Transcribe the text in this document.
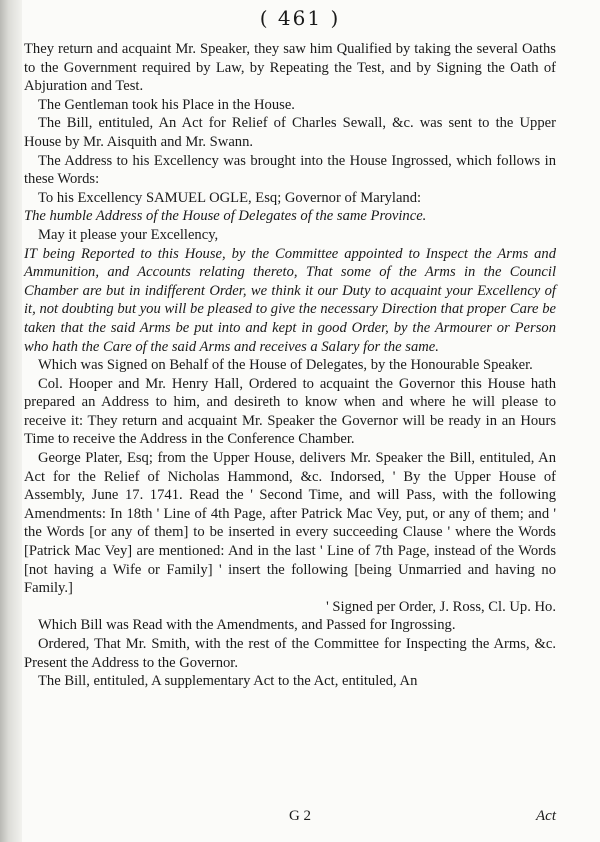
( 461 )

They return and acquaint Mr. Speaker, they saw him Qualified by taking the several Oaths to the Government required by Law, by Repeating the Test, and by Signing the Oath of Abjuration and Test.

The Gentleman took his Place in the House.

The Bill, entituled, An Act for Relief of Charles Sewall, &c. was sent to the Upper House by Mr. Aisquith and Mr. Swann.

The Address to his Excellency was brought into the House Ingrossed, which follows in these Words:

To his Excellency SAMUEL OGLE, Esq; Governor of Maryland:

The humble Address of the House of Delegates of the same Province.

May it please your Excellency,

IT being Reported to this House, by the Committee appointed to Inspect the Arms and Ammunition, and Accounts relating thereto, That some of the Arms in the Council Chamber are but in indifferent Order, we think it our Duty to acquaint your Excellency of it, not doubting but you will be pleased to give the necessary Direction that proper Care be taken that the said Arms be put into and kept in good Order, by the Armourer or Person who hath the Care of the said Arms and receives a Salary for the same.

Which was Signed on Behalf of the House of Delegates, by the Honourable Speaker.

Col. Hooper and Mr. Henry Hall, Ordered to acquaint the Governor this House hath prepared an Address to him, and desireth to know when and where he will please to receive it: They return and acquaint Mr. Speaker the Governor will be ready in an Hours Time to receive the Address in the Conference Chamber.

George Plater, Esq; from the Upper House, delivers Mr. Speaker the Bill, entituled, An Act for the Relief of Nicholas Hammond, &c. Indorsed, ' By the Upper House of Assembly, June 17. 1741. Read the ' Second Time, and will Pass, with the following Amendments: In 18th ' Line of 4th Page, after Patrick Mac Vey, put, or any of them; and ' the Words [or any of them] to be inserted in every succeeding Clause ' where the Words [Patrick Mac Vey] are mentioned: And in the last ' Line of 7th Page, instead of the Words [not having a Wife or Family] ' insert the following [being Unmarried and having no Family.]

' Signed per Order, J. Ross, Cl. Up. Ho.

Which Bill was Read with the Amendments, and Passed for Ingrossing.

Ordered, That Mr. Smith, with the rest of the Committee for Inspecting the Arms, &c. Present the Address to the Governor.

The Bill, entituled, A supplementary Act to the Act, entituled, An

G 2	Act
